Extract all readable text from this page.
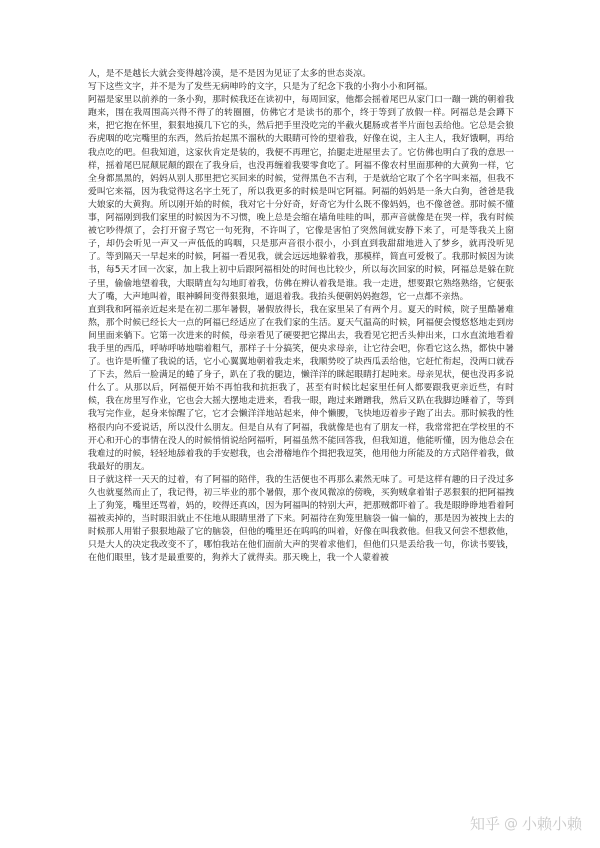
人，是不是越长大就会变得越冷漠，是不是因为见证了太多的世态炎凉。

写下这些文字，并不是为了发些无病呻吟的文字，只是为了纪念下我的小狗小小和阿福。

阿福是家里以前养的一条小狗，那时候我还在读初中，每周回家，他都会摇着尾巴从家门口一蹦一跳的朝着我跑来，围在我周围高兴得不得了的转圈圈，仿佛它才是读书的那个，终于等到了放假一样。阿福总是会蹲下来，把它抱在怀里，狠狠地摸几下它的头，然后把手里没吃完的半截火腿肠或者半片面包丢给他。它总是会狼吞虎咽的吃完嘴里的东西，然后抬起黑不溜秋的大眼睛可怜的望着我，好像在说，主人主人，我好饿啊，再给我点吃的吧。但我知道，这家伙肯定是装的，我便不再理它，抬腿走进屋里去了。它仿佛也明白了我的意思一样，摇着尾巴屁颠屁颠的跟在了我身后，也没再缠着我要零食吃了。阿福不像农村里面那种的大黄狗一样，它全身都黑黑的，妈妈从别人那里把它买回来的时候，觉得黑色不吉利，于是就给它取了个名字叫来福，但我不爱叫它来福，因为我觉得这名字土死了，所以我更多的时候是叫它阿福。阿福的妈妈是一条大白狗，爸爸是我大娘家的大黄狗。所以刚开始的时候，我对它十分好奇，好奇它为什么既不像妈妈，也不像爸爸。那时候不懂事，阿福刚到我们家里的时候因为不习惯，晚上总是会缩在墙角哇哇的叫，那声音就像是在哭一样，我有时候被它吵得烦了，会打开窗子骂它一句死狗，不许叫了，它像是害怕了突然间就安静下来了，可是等我关上窗子，却仍会听见一声又一声低低的呜咽，只是那声音很小很小，小到直到我甜甜地进入了梦乡，就再没听见了。等到隔天一早起来的时候，阿福一看见我，就会远远地躲着我，那模样，简直可爱极了。我那时候因为读书，每5天才回一次家，加上我上初中后跟阿福相处的时间也比较少，所以每次回家的时候，阿福总是躲在院子里，偷偷地望着我，大眼睛直勾勾地盯着我，仿佛在辨认着我是谁。我一走进，想要跟它熟络熟络，它便张大了嘴，大声地叫着，眼神瞬间变得狠狠地，逼退着我。我抬头便朝妈妈抱怨，它一点都不亲热。

直到我和阿福亲近起来是在初二那年暑假，暑假放得长，我在家里呆了有两个月。夏天的时候，院子里酷暑难熬，那个时候已经长大一点的阿福已经适应了在我们家的生活。夏天气温高的时候，阿福便会慢悠悠地走到房间里面来躺下。它第一次进来的时候，母亲看见了硬要把它撵出去，我看见它把舌头伸出来，口水直流地看着我手里的西瓜，呼哧呼哧地喘着粗气，那样子十分搞笑，便央求母亲，让它待会吧，你看它这么热，都快中暑了。也许是听懂了我说的话，它小心翼翼地朝着我走来，我顺势咬了块西瓜丢给他，它赶忙衔起，没两口就吞了下去，然后一脸满足的蜷了身子，趴在了我的腿边，懒洋洋的眯起眼睛打起盹来。母亲见状，便也没再多说什么了。从那以后，阿福便开始不再怕我和抗拒我了，甚至有时候比起家里任何人都要跟我更亲近些，有时候，我在房里写作业，它也会大摇大摆地走进来，看我一眼，跑过来蹭蹭我，然后又趴在我脚边睡着了，等到我写完作业，起身来惊醒了它，它才会懒洋洋地站起来，伸个懒腰，飞快地迈着步子跑了出去。那时候我的性格很内向不爱说话，所以没什么朋友。但是自从有了阿福，我就像是也有了朋友一样，我常常把在学校里的不开心和开心的事情在没人的时候悄悄说给阿福听，阿福虽然不能回答我，但我知道，他能听懂，因为他总会在我难过的时候，轻轻地舔着我的手安慰我，也会滑稽地作个揖把我逗笑，他用他力所能及的方式陪伴着我，做我最好的朋友。

日子就这样一天天的过着，有了阿福的陪伴，我的生活便也不再那么素然无味了。可是这样有趣的日子没过多久也就戛然而止了，我记得，初三毕业的那个暑假，那个夜风微凉的傍晚，买狗贼拿着钳子恶狠狠的把阿福拽上了狗笼，嘴里还骂着，妈的，咬得还真凶，因为阿福叫的特别大声，把那贼都吓着了。我是眼睁睁地看着阿福被卖掉的，当时眼泪就止不住地从眼睛里滑了下来。阿福待在狗笼里脑袋一偏一偏的，那是因为被拽上去的时候那人用钳子狠狠地敲了它的脑袋，但他的嘴里还在呜呜的叫着，好像在叫我救他。但我又何尝不想救他，只是大人的决定我改变不了，哪怕我站在他们面前大声的哭着求他们，但他们只是丢给我一句，你读书要钱，在他们眼里，钱才是最重要的，狗养大了就得卖。那天晚上，我一个人蒙着被

知乎 @ 小赖小赖
